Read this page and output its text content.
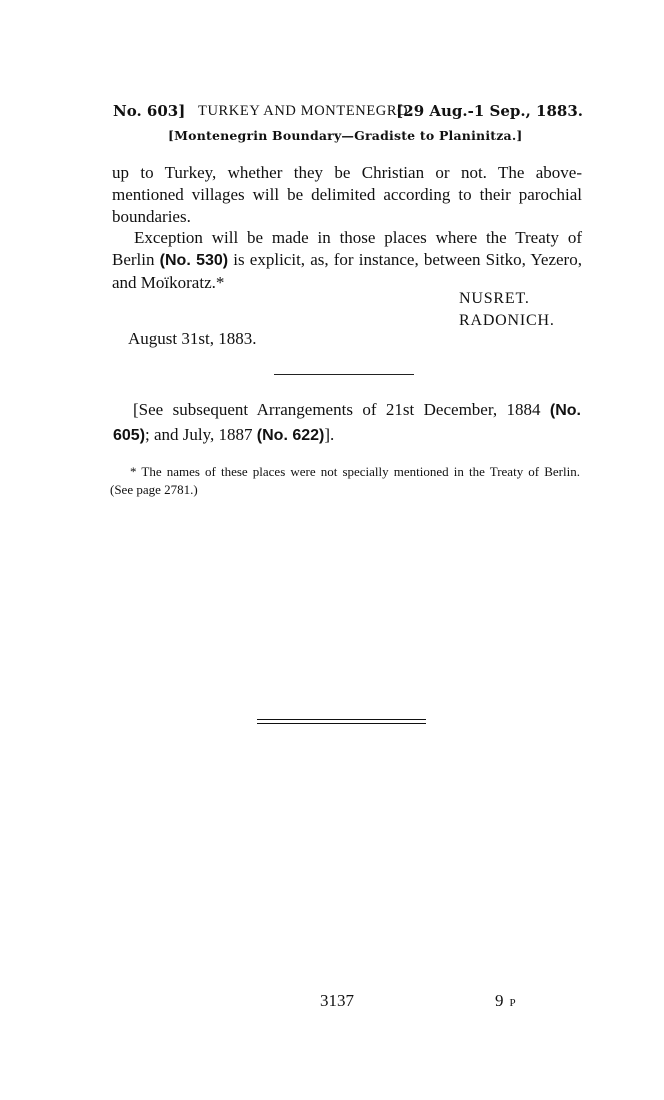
No. 603] TURKEY AND MONTENEGRO.
[29 Aug.-1 Sep., 1883.
[Montenegrin Boundary—Gradiste to Planinitza.]
up to Turkey, whether they be Christian or not. The above-mentioned villages will be delimited according to their parochial boundaries.
Exception will be made in those places where the Treaty of Berlin (No. 530) is explicit, as, for instance, between Sitko, Yezero, and Moïkoratz.*
NUSRET.
RADONICH.
August 31st, 1883.
[See subsequent Arrangements of 21st December, 1884 (No. 605); and July, 1887 (No. 622)].
* The names of these places were not specially mentioned in the Treaty of Berlin. (See page 2781.)
3137	9 P
